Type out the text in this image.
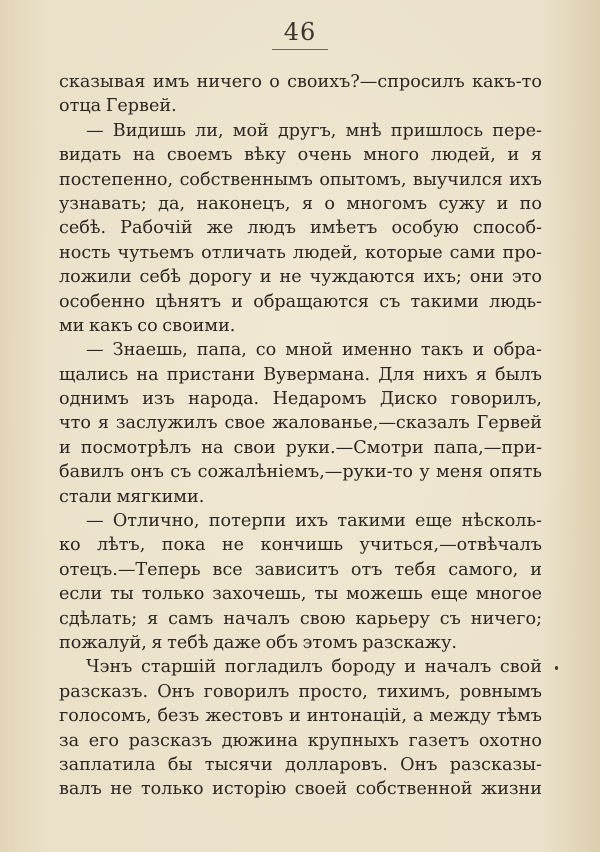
46
сказывая имъ ничего о своихъ?—спросилъ какъ-то
отца Гервей.
— Видишь ли, мой другъ, мнѣ пришлось пере-
видать на своемъ вѣку очень много людей, и я
постепенно, собственнымъ опытомъ, выучился ихъ
узнавать; да, наконецъ, я о многомъ сужу и по
себѣ. Рабочій же людъ имѣетъ особую способ-
ность чутьемъ отличать людей, которые сами про-
ложили себѣ дорогу и не чуждаются ихъ; они это
особенно цѣнятъ и обращаются съ такими людь-
ми какъ со своими.
— Знаешь, папа, со мной именно такъ и обра-
щались на пристани Вувермана. Для нихъ я былъ
однимъ изъ народа. Недаромъ Диско говорилъ,
что я заслужилъ свое жалованье,—сказалъ Гервей
и посмотрѣлъ на свои руки.—Смотри папа,—при-
бавилъ онъ съ сожалѣніемъ,—руки-то у меня опять
стали мягкими.
— Отлично, потерпи ихъ такими еще нѣсколь-
ко лѣтъ, пока не кончишь учиться,—отвѣчалъ
отецъ.—Теперь все зависитъ отъ тебя самого, и
если ты только захочешь, ты можешь еще многое
сдѣлать; я самъ началъ свою карьеру съ ничего;
пожалуй, я тебѣ даже объ этомъ разскажу.
Чэнъ старшій погладилъ бороду и началъ свой
разсказъ. Онъ говорилъ просто, тихимъ, ровнымъ
голосомъ, безъ жестовъ и интонацій, а между тѣмъ
за его разсказъ дюжина крупныхъ газетъ охотно
заплатила бы тысячи долларовъ. Онъ разсказы-
валъ не только исторію своей собственной жизни
